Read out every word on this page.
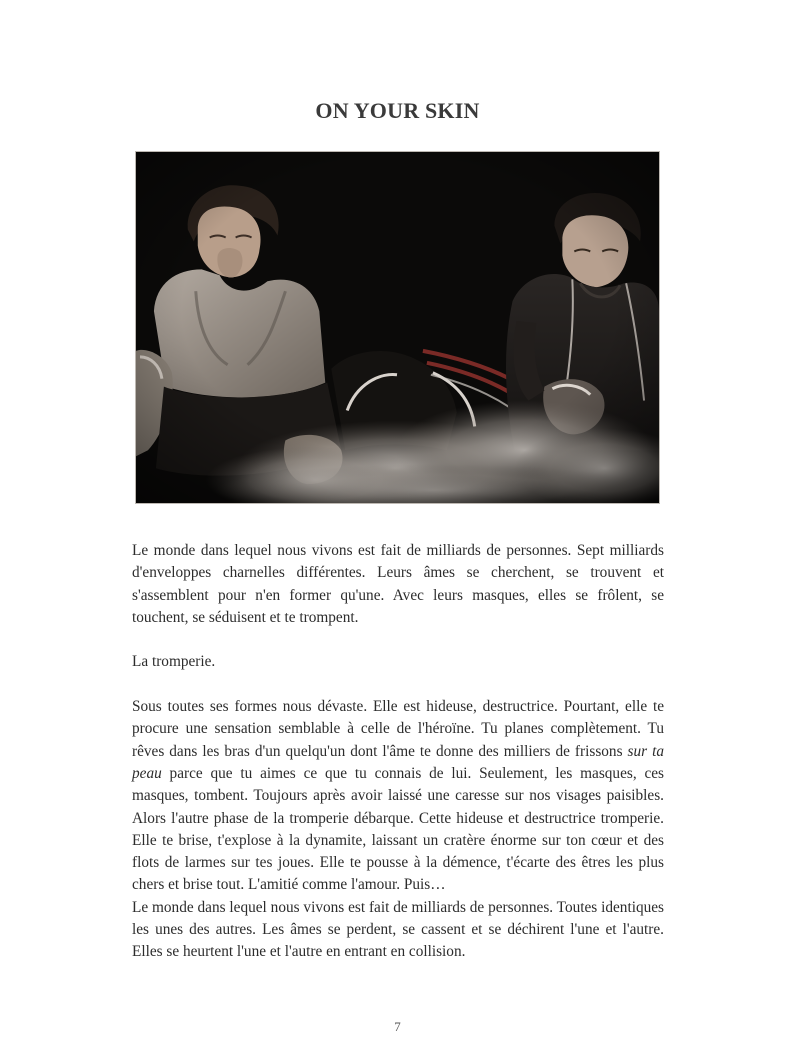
ON YOUR SKIN

Le monde dans lequel nous vivons est fait de milliards de personnes. Sept milliards d'enveloppes charnelles différentes. Leurs âmes se cherchent, se trouvent et s'assemblent pour n'en former qu'une. Avec leurs masques, elles se frôlent, se touchent, se séduisent et te trompent.

La tromperie.

Sous toutes ses formes nous dévaste. Elle est hideuse, destructrice. Pourtant, elle te procure une sensation semblable à celle de l'héroïne. Tu planes complètement. Tu rêves dans les bras d'un quelqu'un dont l'âme te donne des milliers de frissons sur ta peau parce que tu aimes ce que tu connais de lui. Seulement, les masques, ces masques, tombent. Toujours après avoir laissé une caresse sur nos visages paisibles. Alors l'autre phase de la tromperie débarque. Cette hideuse et destructrice tromperie. Elle te brise, t'explose à la dynamite, laissant un cratère énorme sur ton cœur et des flots de larmes sur tes joues. Elle te pousse à la démence, t'écarte des êtres les plus chers et brise tout. L'amitié comme l'amour. Puis…

Le monde dans lequel nous vivons est fait de milliards de personnes. Toutes identiques les unes des autres. Les âmes se perdent, se cassent et se déchirent l'une et l'autre. Elles se heurtent l'une et l'autre en entrant en collision.

7
